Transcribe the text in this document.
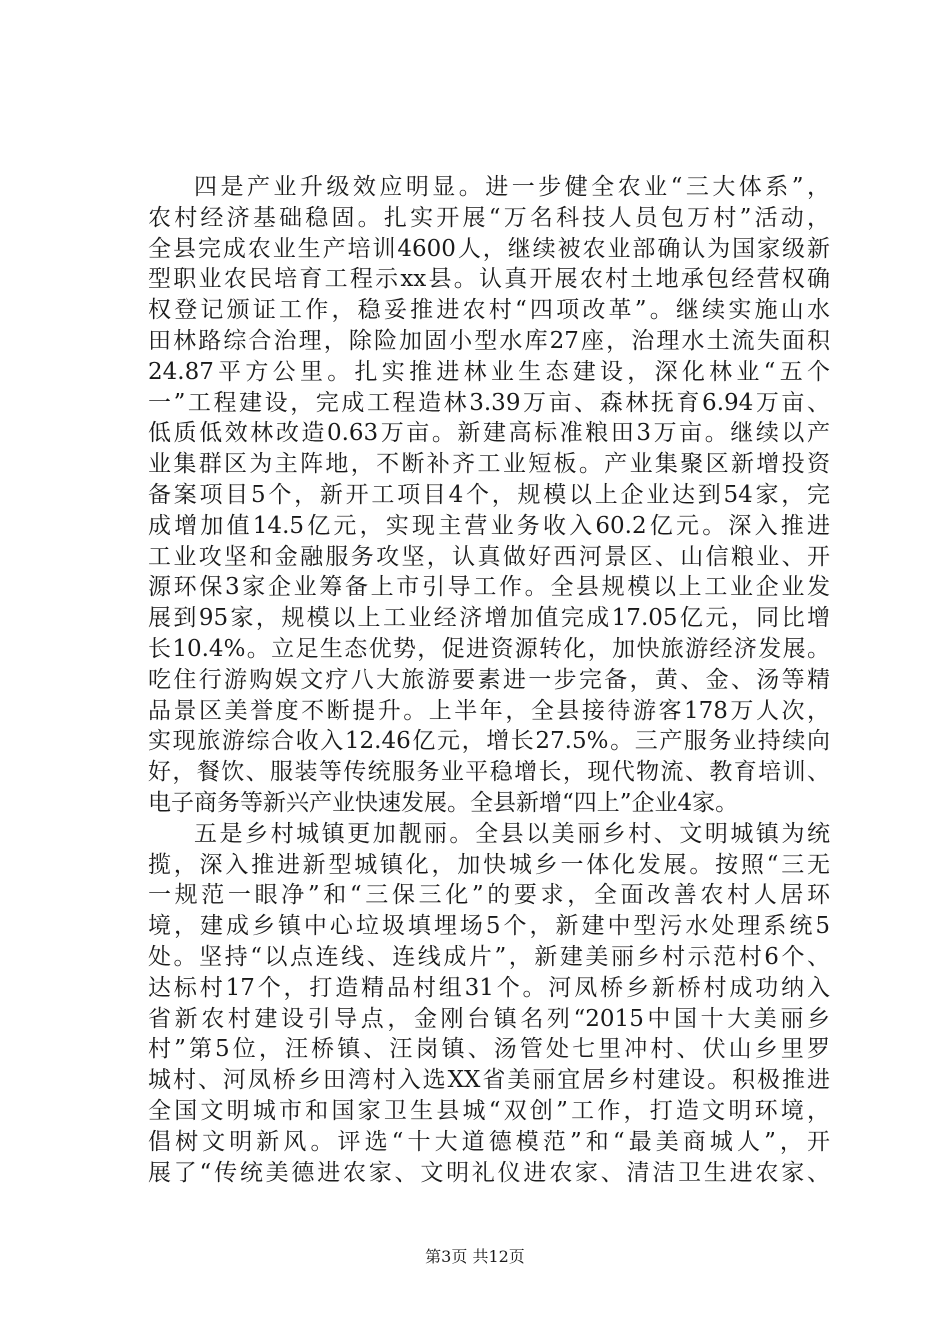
四是产业升级效应明显。进一步健全农业“三大体系”，
农村经济基础稳固。扎实开展“万名科技人员包万村”活动，
全县完成农业生产培训4600人，继续被农业部确认为国家级新
型职业农民培育工程示xx县。认真开展农村土地承包经营权确
权登记颁证工作，稳妥推进农村“四项改革”。继续实施山水
田林路综合治理，除险加固小型水库27座，治理水土流失面积
24.87平方公里。扎实推进林业生态建设，深化林业“五个
一”工程建设，完成工程造林3.39万亩、森林抚育6.94万亩、
低质低效林改造0.63万亩。新建高标准粮田3万亩。继续以产
业集群区为主阵地，不断补齐工业短板。产业集聚区新增投资
备案项目5个，新开工项目4个，规模以上企业达到54家，完
成增加值14.5亿元，实现主营业务收入60.2亿元。深入推进
工业攻坚和金融服务攻坚，认真做好西河景区、山信粮业、开
源环保3家企业筹备上市引导工作。全县规模以上工业企业发
展到95家，规模以上工业经济增加值完成17.05亿元，同比增
长10.4%。立足生态优势，促进资源转化，加快旅游经济发展。
吃住行游购娱文疗八大旅游要素进一步完备，黄、金、汤等精
品景区美誉度不断提升。上半年，全县接待游客178万人次，
实现旅游综合收入12.46亿元，增长27.5%。三产服务业持续向
好，餐饮、服装等传统服务业平稳增长，现代物流、教育培训、
电子商务等新兴产业快速发展。全县新增“四上”企业4家。
五是乡村城镇更加靓丽。全县以美丽乡村、文明城镇为统
揽，深入推进新型城镇化，加快城乡一体化发展。按照“三无
一规范一眼净”和“三保三化”的要求，全面改善农村人居环
境，建成乡镇中心垃圾填埋场5个，新建中型污水处理系统5
处。坚持“以点连线、连线成片”，新建美丽乡村示范村6个、
达标村17个，打造精品村组31个。河凤桥乡新桥村成功纳入
省新农村建设引导点，金刚台镇名列“2015中国十大美丽乡
村”第5位，汪桥镇、汪岗镇、汤管处七里冲村、伏山乡里罗
城村、河凤桥乡田湾村入选XX省美丽宜居乡村建设。积极推进
全国文明城市和国家卫生县城“双创”工作，打造文明环境，
倡树文明新风。评选“十大道德模范”和“最美商城人”，开
展了“传统美德进农家、文明礼仪进农家、清洁卫生进农家、
第3页 共12页
